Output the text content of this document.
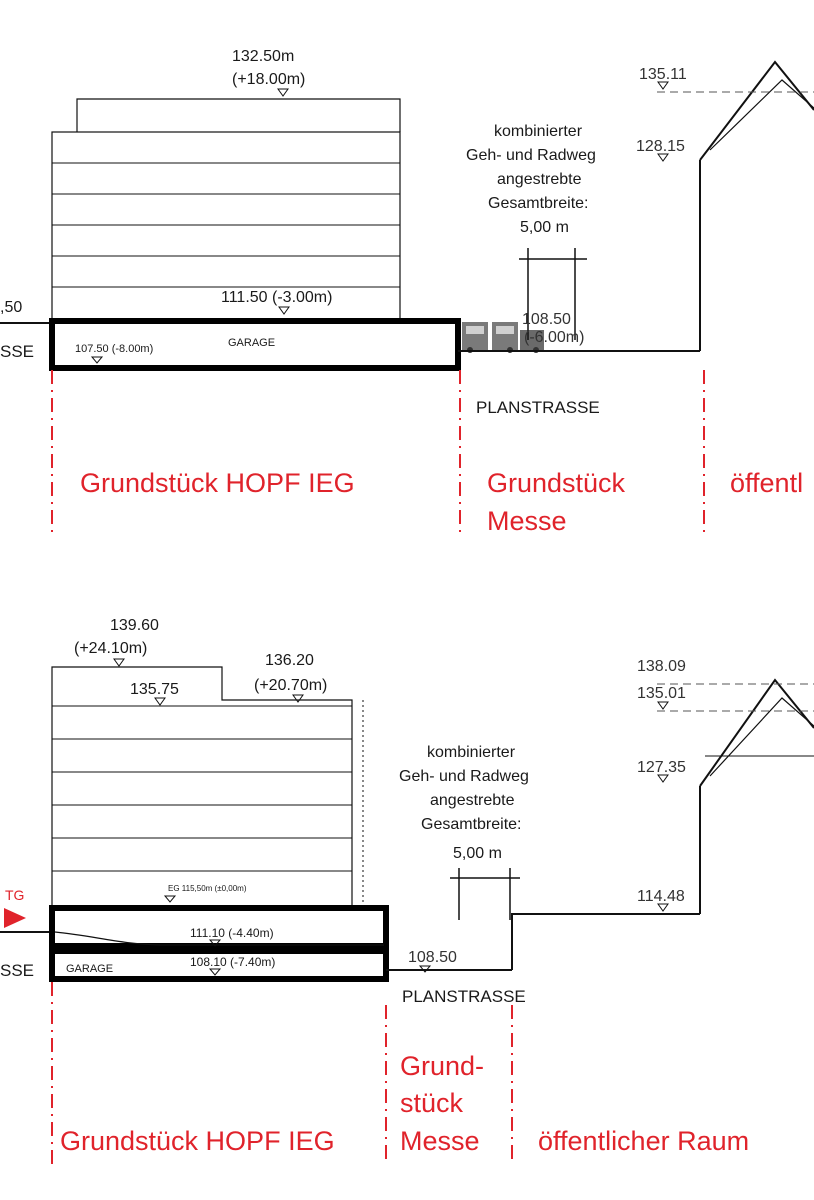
132.50m
(+18.00m)
111.50 (-3.00m)
,50
SSE	GARAGE
107.50 (-8.00m)
kombinierter
Geh- und Radweg
angestrebte
Gesamtbreite:
5,00 m
108.50
(-6.00m)
PLANSTRASSE
135.11
128.15
Grundstück HOPF IEG	Grundstück
Messe
öffentl
139.60
(+24.10m)
135.75
136.20
(+20.70m)
EG 115,50m (±0,00m)
TG
SSE
111.10 (-4.40m)
108.10 (-7.40m)
GARAGE
108.50
PLANSTRASSE
kombinierter
Geh- und Radweg
angestrebte
Gesamtbreite:
5,00 m
138.09
135.01
127.35
114.48
Grundstück HOPF IEG
Grund-
stück
Messe öffentlicher Raum
